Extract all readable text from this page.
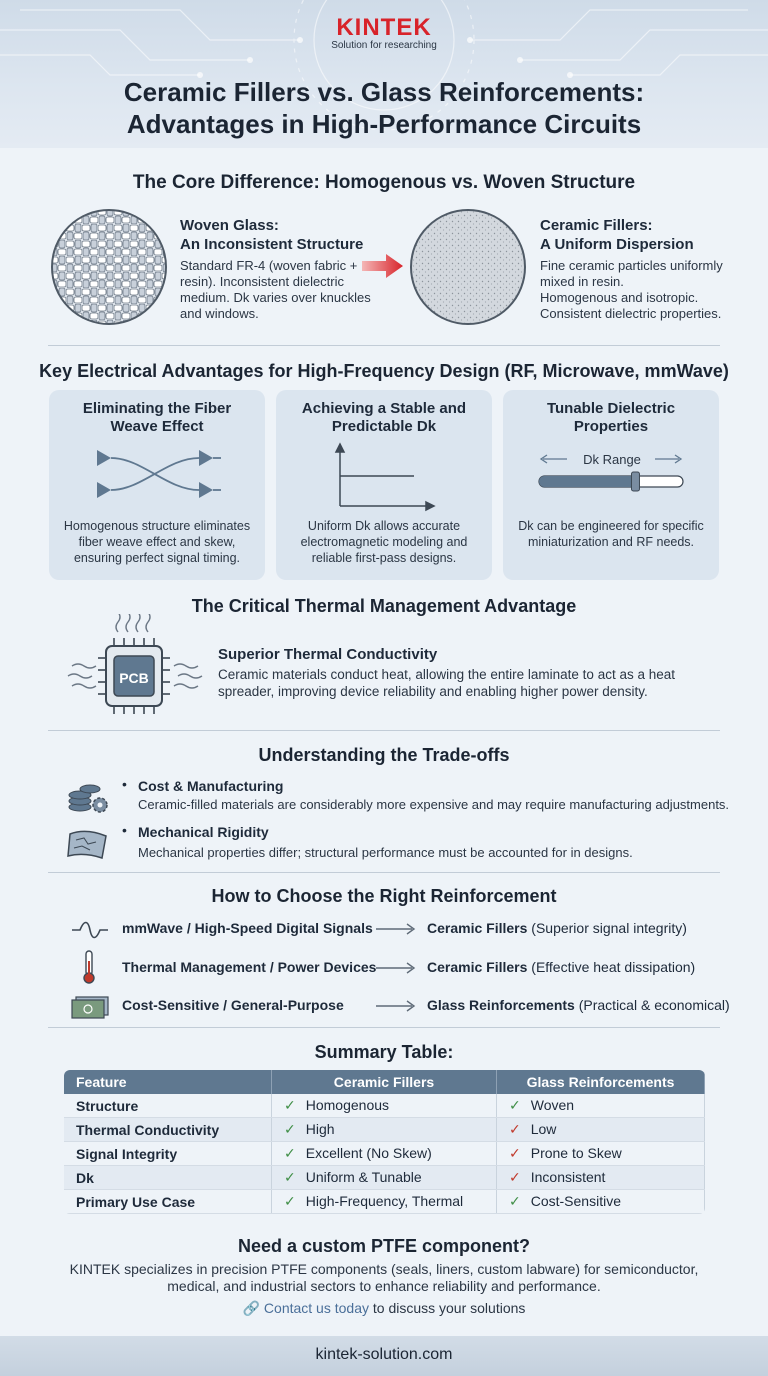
KINTEK
Solution for researching
Ceramic Fillers vs. Glass Reinforcements:
Advantages in High-Performance Circuits
The Core Difference: Homogenous vs. Woven Structure
Woven Glass:
An Inconsistent Structure
Standard FR-4 (woven fabric +
resin). Inconsistent dielectric
medium. Dk varies over knuckles
and windows.
Ceramic Fillers:
A Uniform Dispersion
Fine ceramic particles uniformly
mixed in resin.
Homogenous and isotropic.
Consistent dielectric properties.
Key Electrical Advantages for High-Frequency Design (RF, Microwave, mmWave)
Eliminating the Fiber
Weave Effect
Homogenous structure eliminates
fiber weave effect and skew,
ensuring perfect signal timing.
Achieving a Stable and
Predictable Dk
Uniform Dk allows accurate
electromagnetic modeling and
reliable first-pass designs.
Tunable Dielectric
Properties
Dk Range
Dk can be engineered for specific
miniaturization and RF needs.
The Critical Thermal Management Advantage
PCB
Superior Thermal Conductivity
Ceramic materials conduct heat, allowing the entire laminate to act as a heat
spreader, improving device reliability and enabling higher power density.
Understanding the Trade-offs
• Cost & Manufacturing
Ceramic-filled materials are considerably more expensive and may require manufacturing adjustments.
• Mechanical Rigidity
Mechanical properties differ; structural performance must be accounted for in designs.
How to Choose the Right Reinforcement
mmWave / High-Speed Digital Signals	Ceramic Fillers (Superior signal integrity)
Thermal Management / Power Devices	Ceramic Fillers (Effective heat dissipation)
Cost-Sensitive / General-Purpose	Glass Reinforcements (Practical & economical)
Summary Table:
Feature	Ceramic Fillers	Glass Reinforcements
Structure	✓ Homogenous	✓ Woven
Thermal Conductivity	✓ High	✓ Low
Signal Integrity	✓ Excellent (No Skew)	✓ Prone to Skew
Dk	✓ Uniform & Tunable	✓ Inconsistent
Primary Use Case	✓ High-Frequency, Thermal	✓ Cost-Sensitive
Need a custom PTFE component?
KINTEK specializes in precision PTFE components (seals, liners, custom labware) for semiconductor,
medical, and industrial sectors to enhance reliability and performance.
🔗 Contact us today to discuss your solutions
kintek-solution.com
